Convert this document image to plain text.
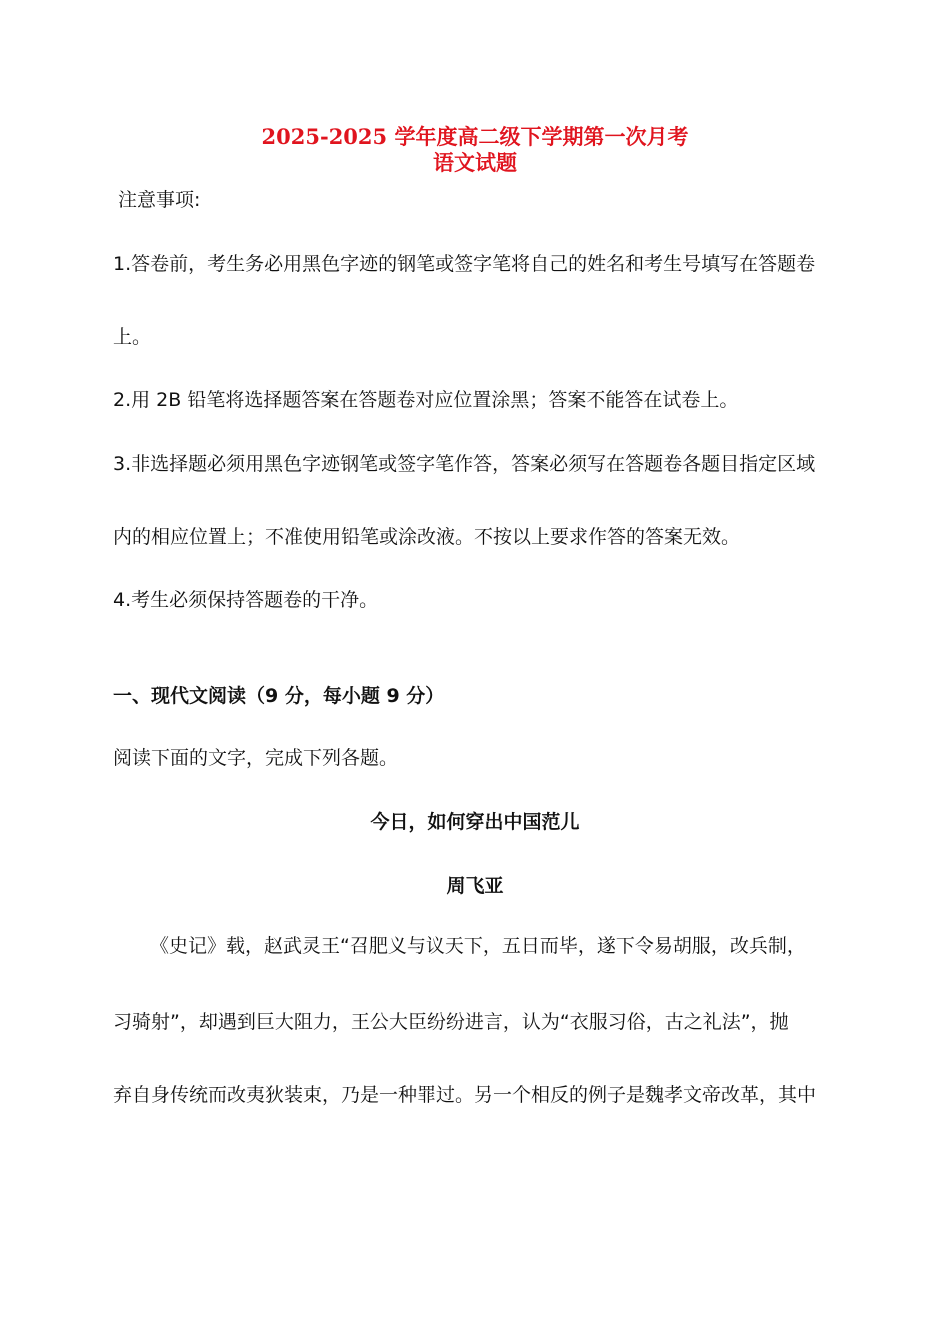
2025-2025 学年度高二级下学期第一次月考
语文试题

注意事项:

1.答卷前，考生务必用黑色字迹的钢笔或签字笔将自己的姓名和考生号填写在答题卷

上。

2.用 2B 铅笔将选择题答案在答题卷对应位置涂黑；答案不能答在试卷上。

3.非选择题必须用黑色字迹钢笔或签字笔作答，答案必须写在答题卷各题目指定区域

内的相应位置上；不准使用铅笔或涂改液。不按以上要求作答的答案无效。

4.考生必须保持答题卷的干净。

一、现代文阅读（9 分，每小题 9 分）

阅读下面的文字，完成下列各题。

今日，如何穿出中国范儿

周飞亚

《史记》载，赵武灵王“召肥义与议天下，五日而毕，遂下令易胡服，改兵制，

习骑射”，却遇到巨大阻力，王公大臣纷纷进言，认为“衣服习俗，古之礼法”，抛

弃自身传统而改夷狄装束，乃是一种罪过。另一个相反的例子是魏孝文帝改革，其中
